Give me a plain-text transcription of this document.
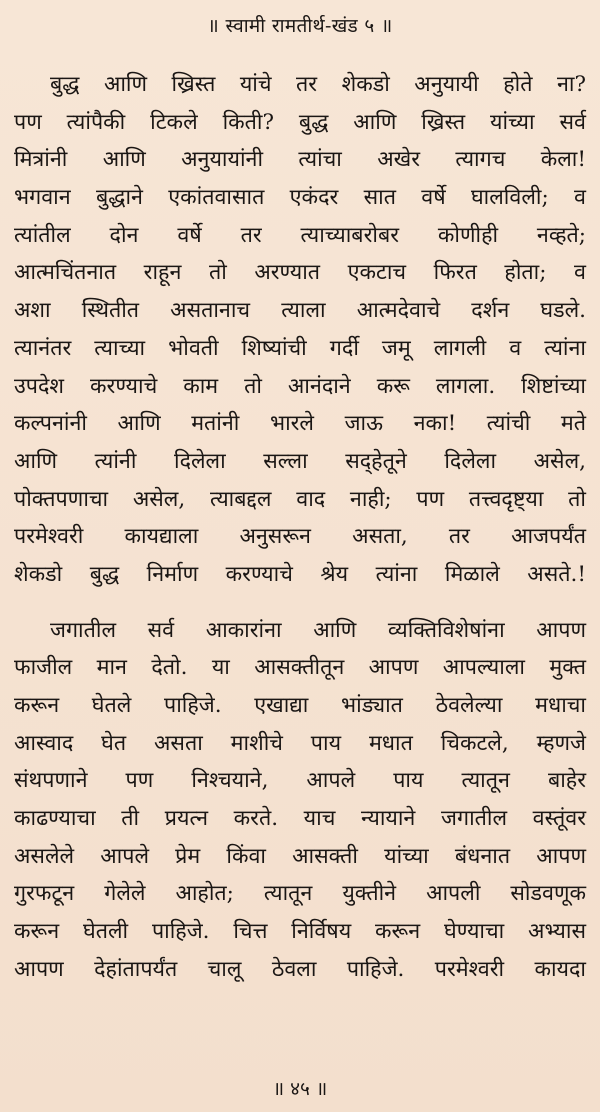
॥ स्वामी रामतीर्थ-खंड ५ ॥
बुद्ध आणि ख्रिस्त यांचे तर शेकडो अनुयायी होते ना?
पण त्यांपैकी टिकले किती? बुद्ध आणि ख्रिस्त यांच्या सर्व
मित्रांनी आणि अनुयायांनी त्यांचा अखेर त्यागच केला!
भगवान बुद्धाने एकांतवासात एकंदर सात वर्षे घालविली; व
त्यांतील दोन वर्षे तर त्याच्याबरोबर कोणीही नव्हते;
आत्मचिंतनात राहून तो अरण्यात एकटाच फिरत होता; व
अशा स्थितीत असतानाच त्याला आत्मदेवाचे दर्शन घडले.
त्यानंतर त्याच्या भोवती शिष्यांची गर्दी जमू लागली व त्यांना
उपदेश करण्याचे काम तो आनंदाने करू लागला. शिष्टांच्या
कल्पनांनी आणि मतांनी भारले जाऊ नका! त्यांची मते
आणि त्यांनी दिलेला सल्ला सद्‌हेतूने दिलेला असेल,
पोक्तपणाचा असेल, त्याबद्दल वाद नाही; पण तत्त्वदृष्ट्या तो
परमेश्वरी कायद्याला अनुसरून असता, तर आजपर्यंत
शेकडो बुद्ध निर्माण करण्याचे श्रेय त्यांना मिळाले असते.!
जगातील सर्व आकारांना आणि व्यक्तिविशेषांना आपण
फाजील मान देतो. या आसक्तीतून आपण आपल्याला मुक्त
करून घेतले पाहिजे. एखाद्या भांड्यात ठेवलेल्या मधाचा
आस्वाद घेत असता माशीचे पाय मधात चिकटले, म्हणजे
संथपणाने पण निश्चयाने, आपले पाय त्यातून बाहेर
काढण्याचा ती प्रयत्न करते. याच न्यायाने जगातील वस्तूंवर
असलेले आपले प्रेम किंवा आसक्ती यांच्या बंधनात आपण
गुरफटून गेलेले आहोत; त्यातून युक्तीने आपली सोडवणूक
करून घेतली पाहिजे. चित्त निर्विषय करून घेण्याचा अभ्यास
आपण देहांतापर्यंत चालू ठेवला पाहिजे. परमेश्वरी कायदा
॥ ४५ ॥
